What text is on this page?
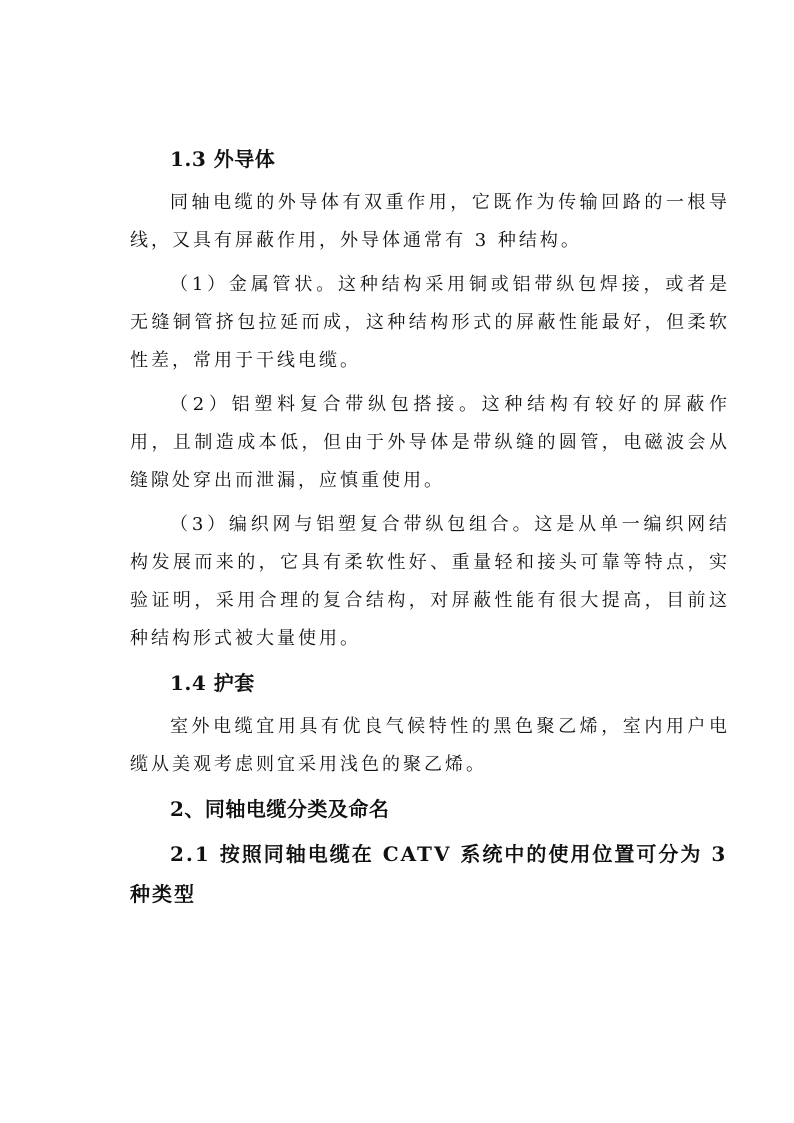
1.3 外导体

同轴电缆的外导体有双重作用，它既作为传输回路的一根导线，又具有屏蔽作用，外导体通常有 3 种结构。

（1）金属管状。这种结构采用铜或铝带纵包焊接，或者是无缝铜管挤包拉延而成，这种结构形式的屏蔽性能最好，但柔软性差，常用于干线电缆。

（2）铝塑料复合带纵包搭接。这种结构有较好的屏蔽作用，且制造成本低，但由于外导体是带纵缝的圆管，电磁波会从缝隙处穿出而泄漏，应慎重使用。

（3）编织网与铝塑复合带纵包组合。这是从单一编织网结构发展而来的，它具有柔软性好、重量轻和接头可靠等特点，实验证明，采用合理的复合结构，对屏蔽性能有很大提高，目前这种结构形式被大量使用。

1.4 护套

室外电缆宜用具有优良气候特性的黑色聚乙烯，室内用户电缆从美观考虑则宜采用浅色的聚乙烯。

2、同轴电缆分类及命名

2.1 按照同轴电缆在 CATV 系统中的使用位置可分为 3 种类型
